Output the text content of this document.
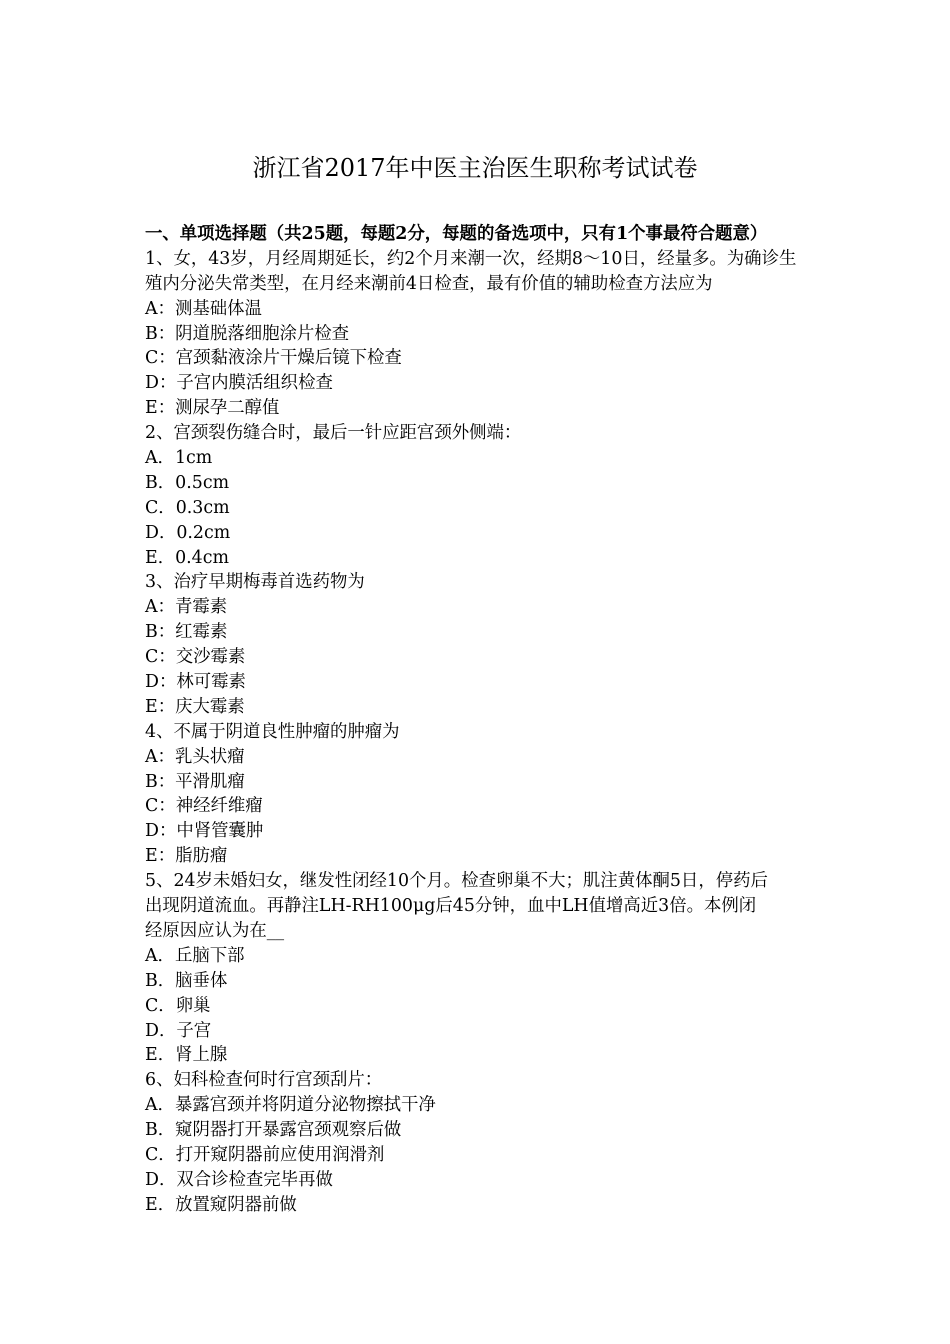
浙江省2017年中医主治医生职称考试试卷
一、单项选择题（共25题，每题2分，每题的备选项中，只有1个事最符合题意）
1、女，43岁，月经周期延长，约2个月来潮一次，经期8～10日，经量多。为确诊生
殖内分泌失常类型，在月经来潮前4日检查，最有价值的辅助检查方法应为
A：测基础体温
B：阴道脱落细胞涂片检查
C：宫颈黏液涂片干燥后镜下检查
D：子宫内膜活组织检查
E：测尿孕二醇值
2、宫颈裂伤缝合时，最后一针应距宫颈外侧端：
A．1cm
B．0.5cm
C．0.3cm
D．0.2cm
E．0.4cm
3、治疗早期梅毒首选药物为
A：青霉素
B：红霉素
C：交沙霉素
D：林可霉素
E：庆大霉素
4、不属于阴道良性肿瘤的肿瘤为
A：乳头状瘤
B：平滑肌瘤
C：神经纤维瘤
D：中肾管囊肿
E：脂肪瘤
5、24岁未婚妇女，继发性闭经10个月。检查卵巢不大；肌注黄体酮5日，停药后
出现阴道流血。再静注LH-RH100μg后45分钟，血中LH值增高近3倍。本例闭
经原因应认为在__
A．丘脑下部
B．脑垂体
C．卵巢
D．子宫
E．肾上腺
6、妇科检查何时行宫颈刮片：
A．暴露宫颈并将阴道分泌物擦拭干净
B．窥阴器打开暴露宫颈观察后做
C．打开窥阴器前应使用润滑剂
D．双合诊检查完毕再做
E．放置窥阴器前做
